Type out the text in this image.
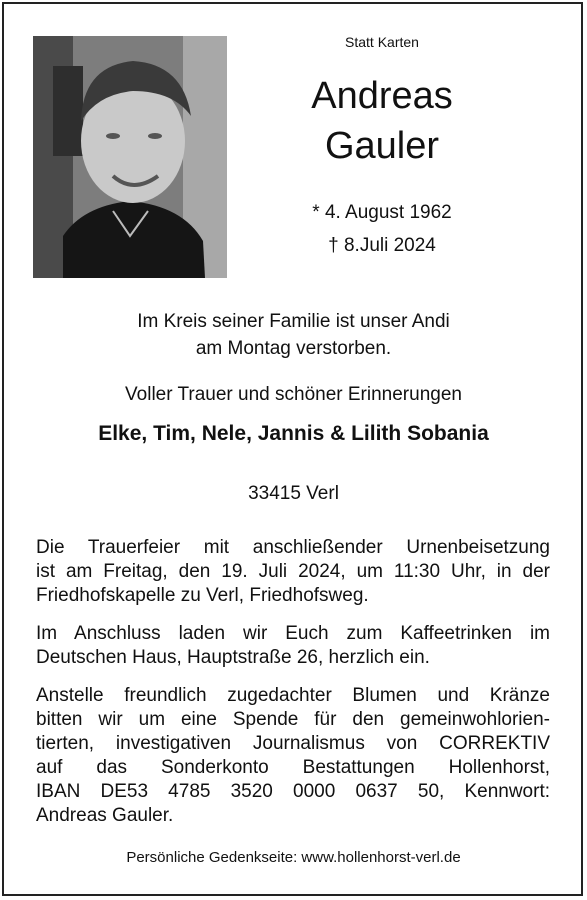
Statt Karten
Andreas
Gauler
* 4. August 1962
† 8.Juli 2024
Im Kreis seiner Familie ist unser Andi
am Montag verstorben.
Voller Trauer und schöner Erinnerungen
Elke, Tim, Nele, Jannis & Lilith Sobania
33415 Verl
Die Trauerfeier mit anschließender Urnenbeisetzung
ist am Freitag, den 19. Juli 2024, um 11:30 Uhr, in der
Friedhofskapelle zu Verl, Friedhofsweg.
Im Anschluss laden wir Euch zum Kaffeetrinken im
Deutschen Haus, Hauptstraße 26, herzlich ein.
Anstelle freundlich zugedachter Blumen und Kränze
bitten wir um eine Spende für den gemeinwohlorien-
tierten, investigativen Journalismus von CORREKTIV
auf das Sonderkonto Bestattungen Hollenhorst,
IBAN DE53 4785 3520 0000 0637 50, Kennwort:
Andreas Gauler.
Persönliche Gedenkseite: www.hollenhorst-verl.de
